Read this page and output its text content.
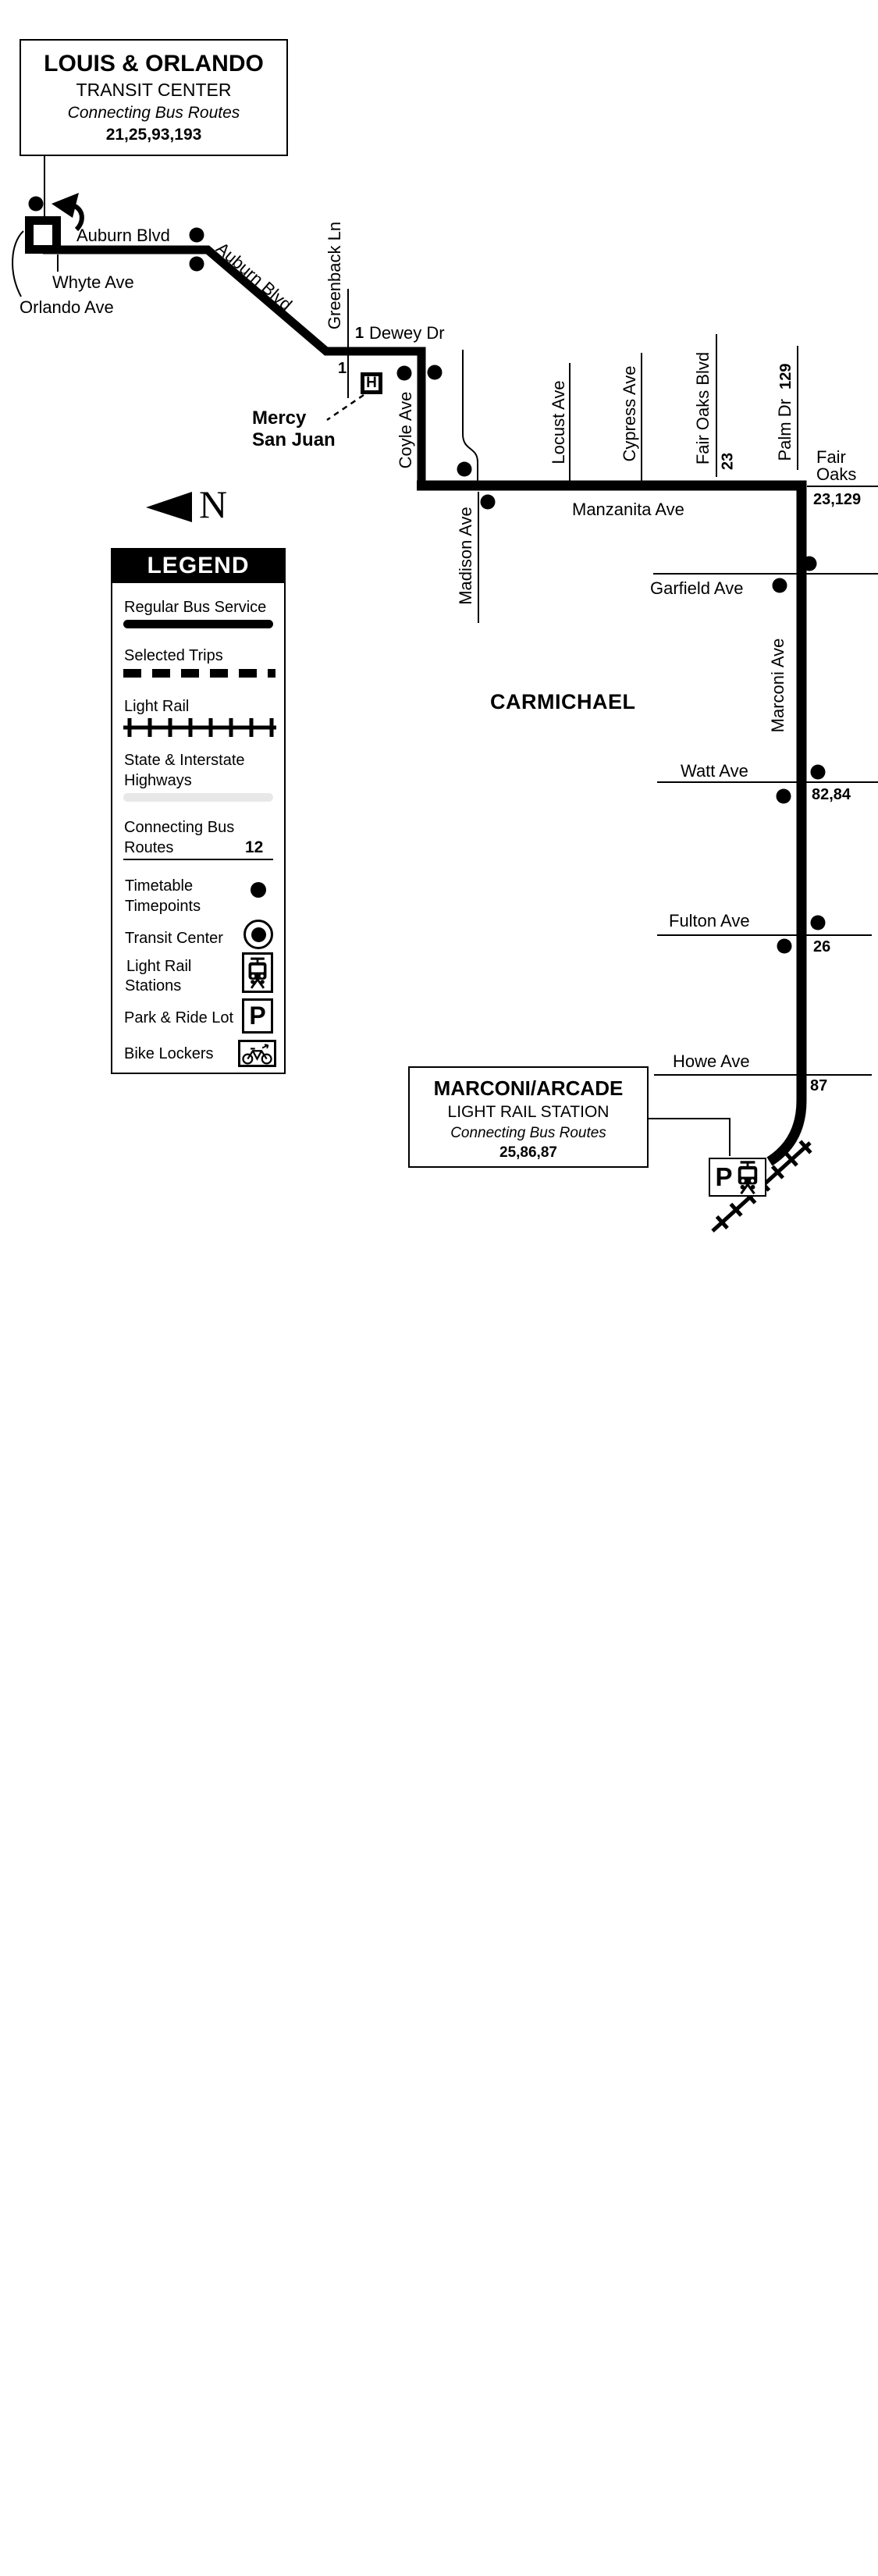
LOUIS & ORLANDO
TRANSIT CENTER
Connecting Bus Routes
21,25,93,193
MARCONI/ARCADE
LIGHT RAIL STATION
Connecting Bus Routes
25,86,87
Auburn Blvd
Auburn Blvd
Whyte Ave
Orlando Ave	Greenback Ln
1 Dewey Dr
1
H
Mercy
San Juan	Coyle Ave
Madison Ave
Locust Ave	Cypress Ave	Fair Oaks Blvd 23
Palm Dr  129
Fair
Oaks
23,129
Manzanita Ave
Garfield Ave
CARMICHAEL	Marconi Ave
Watt Ave
82,84
Fulton Ave
26
Howe Ave
87
N
P
LEGEND
Regular Bus Service
Selected Trips
Light Rail
State & Interstate
Highways
Connecting Bus
Routes	12
Timetable
Timepoints
Transit Center
Light Rail
Stations
Park & Ride Lot P
Bike Lockers
